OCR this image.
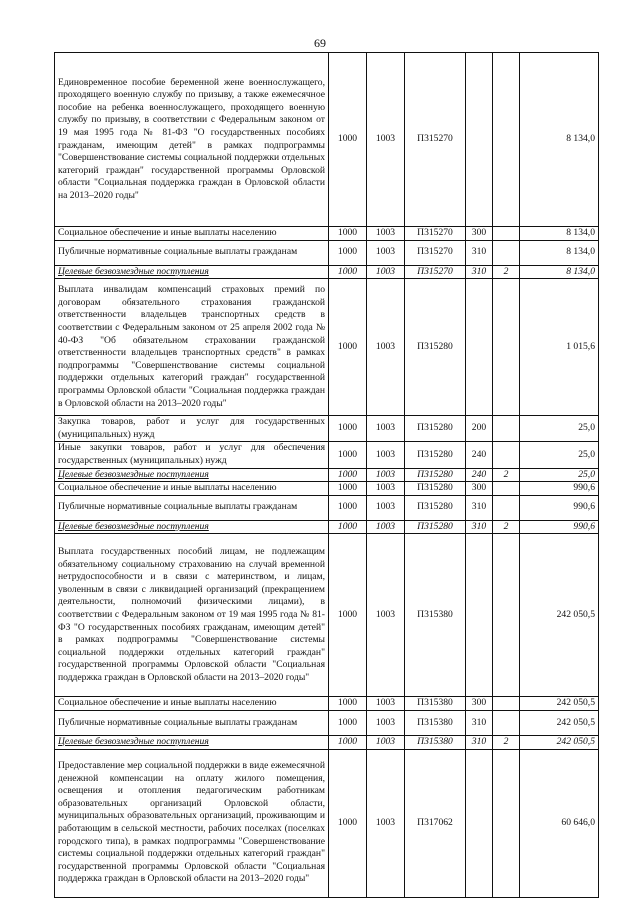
69
Единовременное пособие беременной жене военнослужащего, проходящего военную службу по призыву, а также ежемесячное пособие на ребенка военнослужащего, проходящего военную службу по призыву, в соответствии с Федеральным законом от 19 мая 1995 года № 81-ФЗ "О государственных пособиях гражданам, имеющим детей" в рамках подпрограммы "Совершенствование системы социальной поддержки отдельных категорий граждан" государственной программы Орловской области "Социальная поддержка граждан в Орловской области на 2013–2020 годы"	1000	1003	П315270			8 134,0
Социальное обеспечение и иные выплаты населению	1000	1003	П315270	300		8 134,0
Публичные нормативные социальные выплаты гражданам	1000	1003	П315270	310		8 134,0
Целевые безвозмездные поступления	1000	1003	П315270	310	2	8 134,0
Выплата инвалидам компенсаций страховых премий по договорам обязательного страхования гражданской ответственности владельцев транспортных средств в соответствии с Федеральным законом от 25 апреля 2002 года № 40-ФЗ "Об обязательном страховании гражданской ответственности владельцев транспортных средств" в рамках подпрограммы "Совершенствование системы социальной поддержки отдельных категорий граждан" государственной программы Орловской области "Социальная поддержка граждан в Орловской области на 2013–2020 годы"	1000	1003	П315280			1 015,6
Закупка товаров, работ и услуг для государственных (муниципальных) нужд	1000	1003	П315280	200		25,0
Иные закупки товаров, работ и услуг для обеспечения государственных (муниципальных) нужд	1000	1003	П315280	240		25,0
Целевые безвозмездные поступления	1000	1003	П315280	240	2	25,0
Социальное обеспечение и иные выплаты населению	1000	1003	П315280	300		990,6
Публичные нормативные социальные выплаты гражданам	1000	1003	П315280	310		990,6
Целевые безвозмездные поступления	1000	1003	П315280	310	2	990,6
Выплата государственных пособий лицам, не подлежащим обязательному социальному страхованию на случай временной нетрудоспособности и в связи с материнством, и лицам, уволенным в связи с ликвидацией организаций (прекращением деятельности, полномочий физическими лицами), в соответствии с Федеральным законом от 19 мая 1995 года № 81-ФЗ "О государственных пособиях гражданам, имеющим детей" в рамках подпрограммы "Совершенствование системы социальной поддержки отдельных категорий граждан" государственной программы Орловской области "Социальная поддержка граждан в Орловской области на 2013–2020 годы"	1000	1003	П315380			242 050,5
Социальное обеспечение и иные выплаты населению	1000	1003	П315380	300		242 050,5
Публичные нормативные социальные выплаты гражданам	1000	1003	П315380	310		242 050,5
Целевые безвозмездные поступления	1000	1003	П315380	310	2	242 050,5
Предоставление мер социальной поддержки в виде ежемесячной денежной компенсации на оплату жилого помещения, освещения и отопления педагогическим работникам образовательных организаций Орловской области, муниципальных образовательных организаций, проживающим и работающим в сельской местности, рабочих поселках (поселках городского типа), в рамках подпрограммы "Совершенствование системы социальной поддержки отдельных категорий граждан" государственной программы Орловской области "Социальная поддержка граждан в Орловской области на 2013–2020 годы"	1000	1003	П317062			60 646,0
